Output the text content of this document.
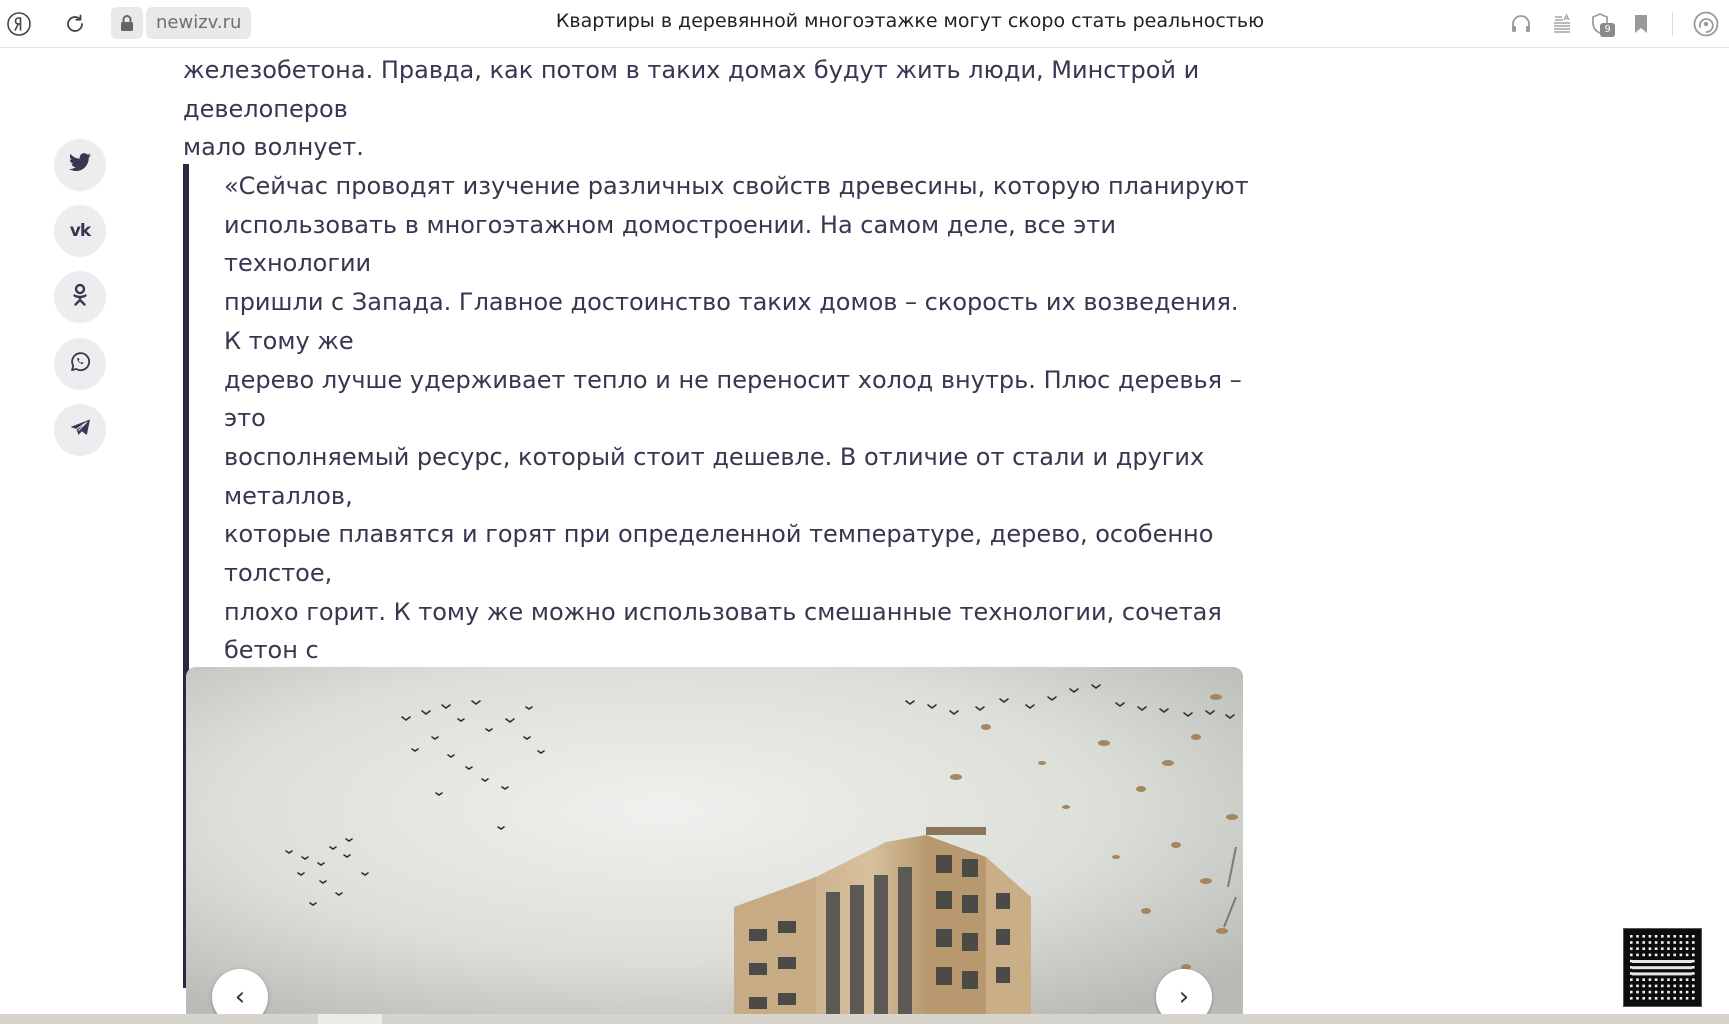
newizv.ru	Квартиры в деревянной многоэтажке могут скоро стать реальностью	9
железобетона. Правда, как потом в таких домах будут жить люди, Минстрой и девелоперов
мало волнует.
vk
«Сейчас проводят изучение различных свойств древесины, которую планируют
использовать в многоэтажном домостроении. На самом деле, все эти технологии
пришли с Запада. Главное достоинство таких домов – скорость их возведения. К тому же
дерево лучше удерживает тепло и не переносит холод внутрь. Плюс деревья – это
восполняемый ресурс, который стоит дешевле. В отличие от стали и других металлов,
которые плавятся и горят при определенной температуре, дерево, особенно толстое,
плохо горит. К тому же можно использовать смешанные технологии, сочетая бетон с
‹	›
